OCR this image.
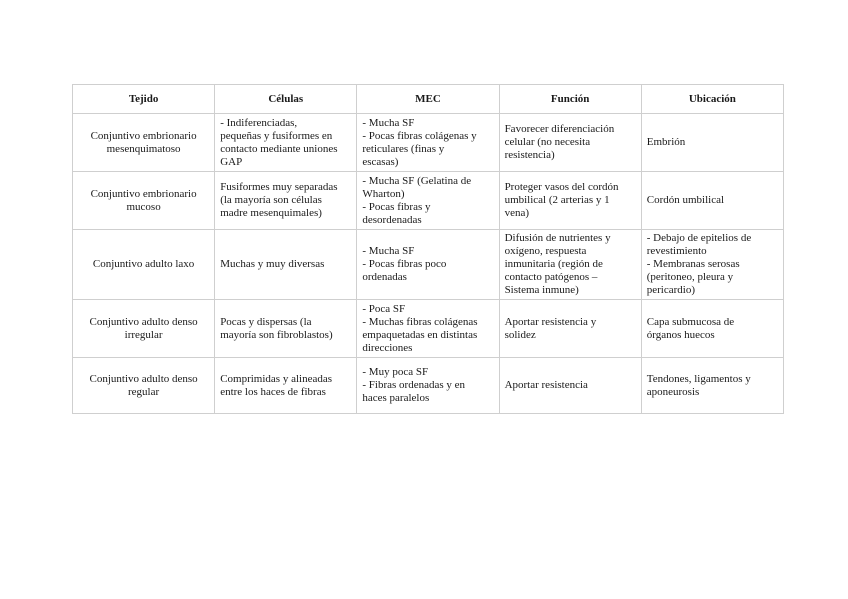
Tejido	Células	MEC	Función	Ubicación

Conjuntivo embrionario
mesenquimatoso	- Indiferenciadas,
pequeñas y fusiformes en
contacto mediante uniones
GAP	- Mucha SF
- Pocas fibras colágenas y
reticulares (finas y
escasas)	Favorecer diferenciación
celular (no necesita
resistencia)	Embrión

Conjuntivo embrionario
mucoso	Fusiformes muy separadas
(la mayoría son células
madre mesenquimales)	- Mucha SF (Gelatina de
Wharton)
- Pocas fibras y
desordenadas	Proteger vasos del cordón
umbilical (2 arterias y 1
vena)	Cordón umbilical

Conjuntivo adulto laxo	Muchas y muy diversas	- Mucha SF
- Pocas fibras poco
ordenadas	Difusión de nutrientes y
oxígeno, respuesta
inmunitaria (región de
contacto patógenos –
Sistema inmune)	- Debajo de epitelios de
revestimiento
- Membranas serosas
(peritoneo, pleura y
pericardio)

Conjuntivo adulto denso
irregular	Pocas y dispersas (la
mayoría son fibroblastos)	- Poca SF
- Muchas fibras colágenas
empaquetadas en distintas
direcciones	Aportar resistencia y
solidez	Capa submucosa de
órganos huecos

Conjuntivo adulto denso
regular	Comprimidas y alineadas
entre los haces de fibras	- Muy poca SF
- Fibras ordenadas y en
haces paralelos	Aportar resistencia	Tendones, ligamentos y
aponeurosis
